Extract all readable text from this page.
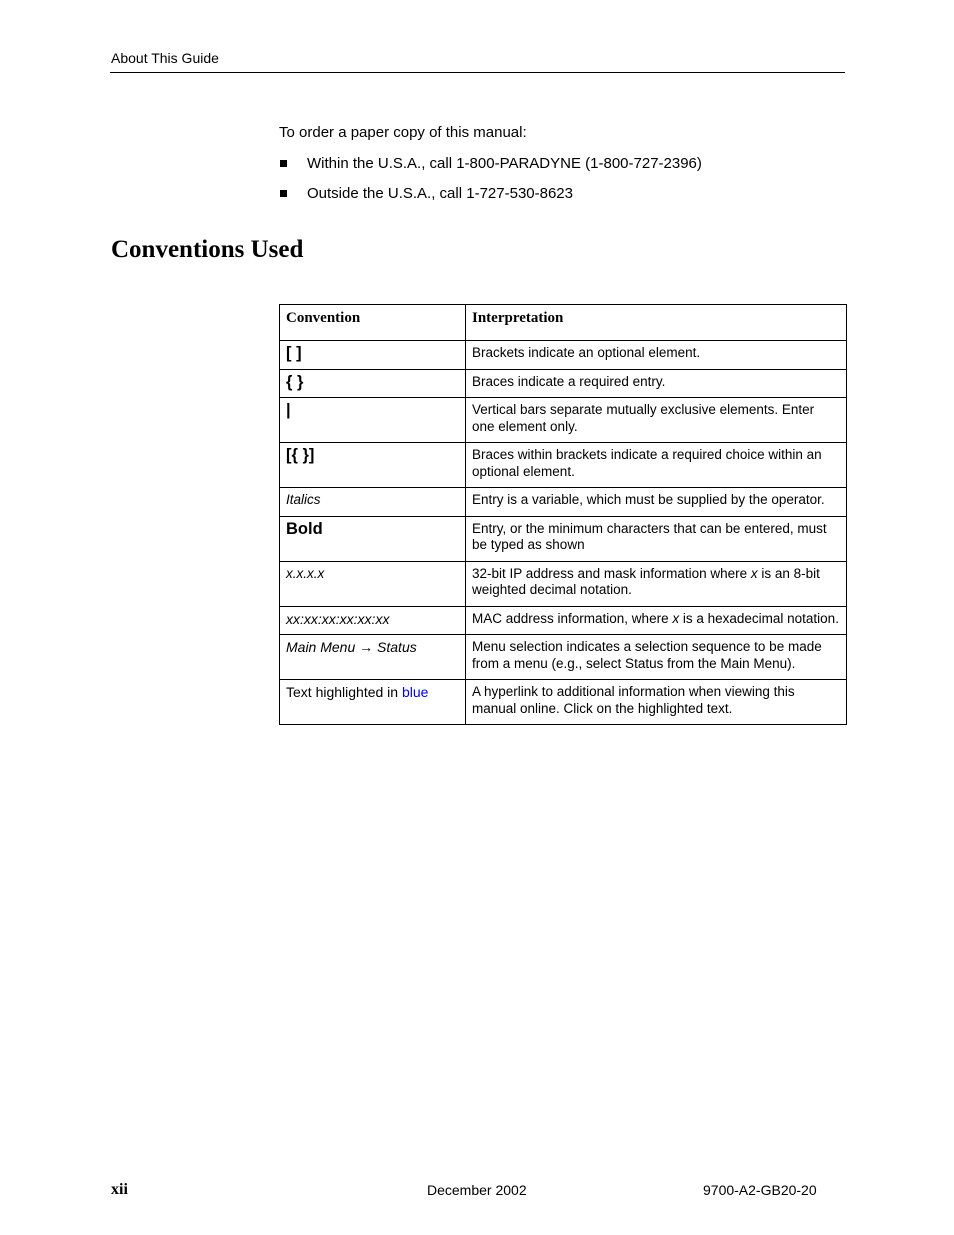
About This Guide
To order a paper copy of this manual:
Within the U.S.A., call 1-800-PARADYNE (1-800-727-2396)
Outside the U.S.A., call 1-727-530-8623
Conventions Used
Convention	Interpretation
[ ]	Brackets indicate an optional element.
{ }	Braces indicate a required entry.
|	Vertical bars separate mutually exclusive elements. Enter one element only.
[{ }]	Braces within brackets indicate a required choice within an optional element.
Italics	Entry is a variable, which must be supplied by the operator.
Bold	Entry, or the minimum characters that can be entered, must be typed as shown
x.x.x.x	32-bit IP address and mask information where x is an 8-bit weighted decimal notation.
xx:xx:xx:xx:xx:xx	MAC address information, where x is a hexadecimal notation.
Main Menu → Status	Menu selection indicates a selection sequence to be made from a menu (e.g., select Status from the Main Menu).
Text highlighted in blue	A hyperlink to additional information when viewing this manual online. Click on the highlighted text.
xii	December 2002	9700-A2-GB20-20
